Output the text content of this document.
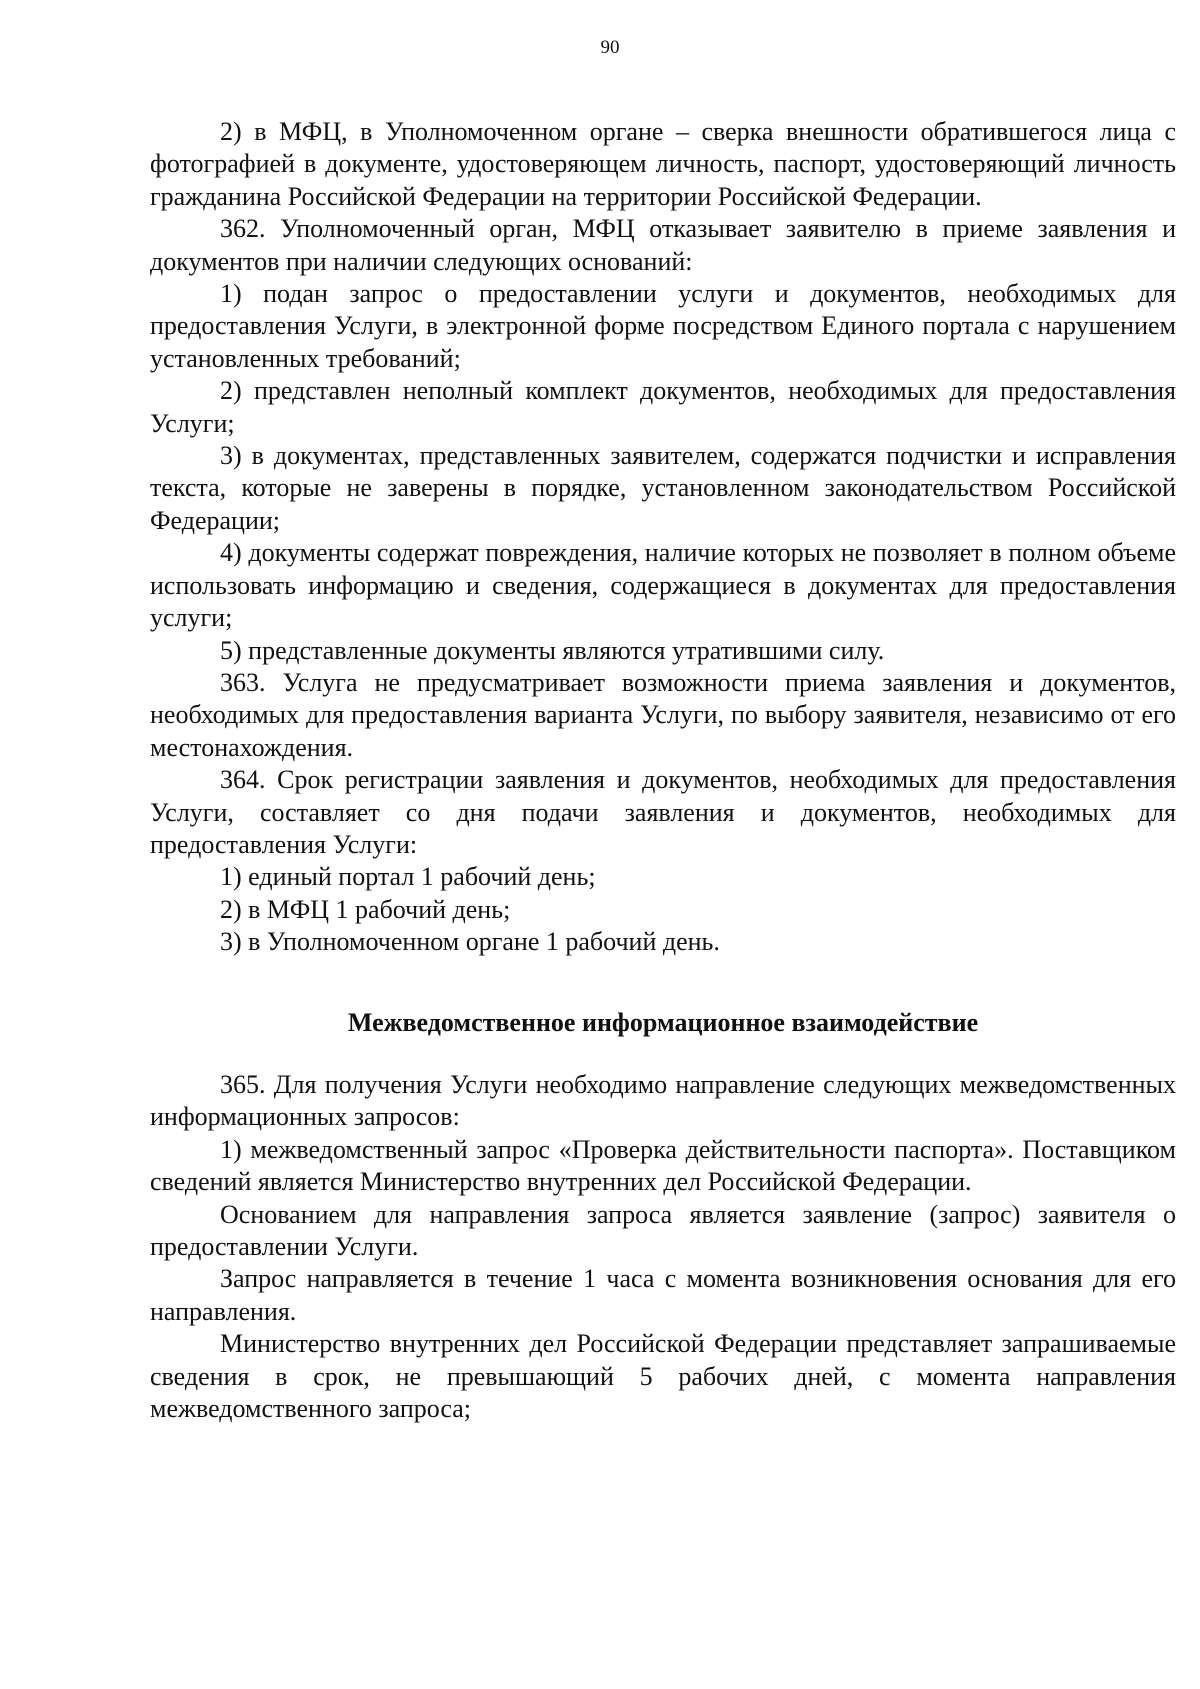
90

2) в МФЦ, в Уполномоченном органе – сверка внешности обратившегося лица с фотографией в документе, удостоверяющем личность, паспорт, удостоверяющий личность гражданина Российской Федерации на территории Российской Федерации.

362. Уполномоченный орган, МФЦ отказывает заявителю в приеме заявления и документов при наличии следующих оснований:

1) подан запрос о предоставлении услуги и документов, необходимых для предоставления Услуги, в электронной форме посредством Единого портала с нарушением установленных требований;

2) представлен неполный комплект документов, необходимых для предоставления Услуги;

3) в документах, представленных заявителем, содержатся подчистки и исправления текста, которые не заверены в порядке, установленном законодательством Российской Федерации;

4) документы содержат повреждения, наличие которых не позволяет в полном объеме использовать информацию и сведения, содержащиеся в документах для предоставления услуги;

5) представленные документы являются утратившими силу.

363. Услуга не предусматривает возможности приема заявления и документов, необходимых для предоставления варианта Услуги, по выбору заявителя, независимо от его местонахождения.

364. Срок регистрации заявления и документов, необходимых для предоставления Услуги, составляет со дня подачи заявления и документов, необходимых для предоставления Услуги:

1) единый портал 1 рабочий день;

2) в МФЦ 1 рабочий день;

3) в Уполномоченном органе 1 рабочий день.

Межведомственное информационное взаимодействие

365. Для получения Услуги необходимо направление следующих межведомственных информационных запросов:

1) межведомственный запрос «Проверка действительности паспорта». Поставщиком сведений является Министерство внутренних дел Российской Федерации.

Основанием для направления запроса является заявление (запрос) заявителя о предоставлении Услуги.

Запрос направляется в течение 1 часа с момента возникновения основания для его направления.

Министерство внутренних дел Российской Федерации представляет запрашиваемые сведения в срок, не превышающий 5 рабочих дней, с момента направления межведомственного запроса;
